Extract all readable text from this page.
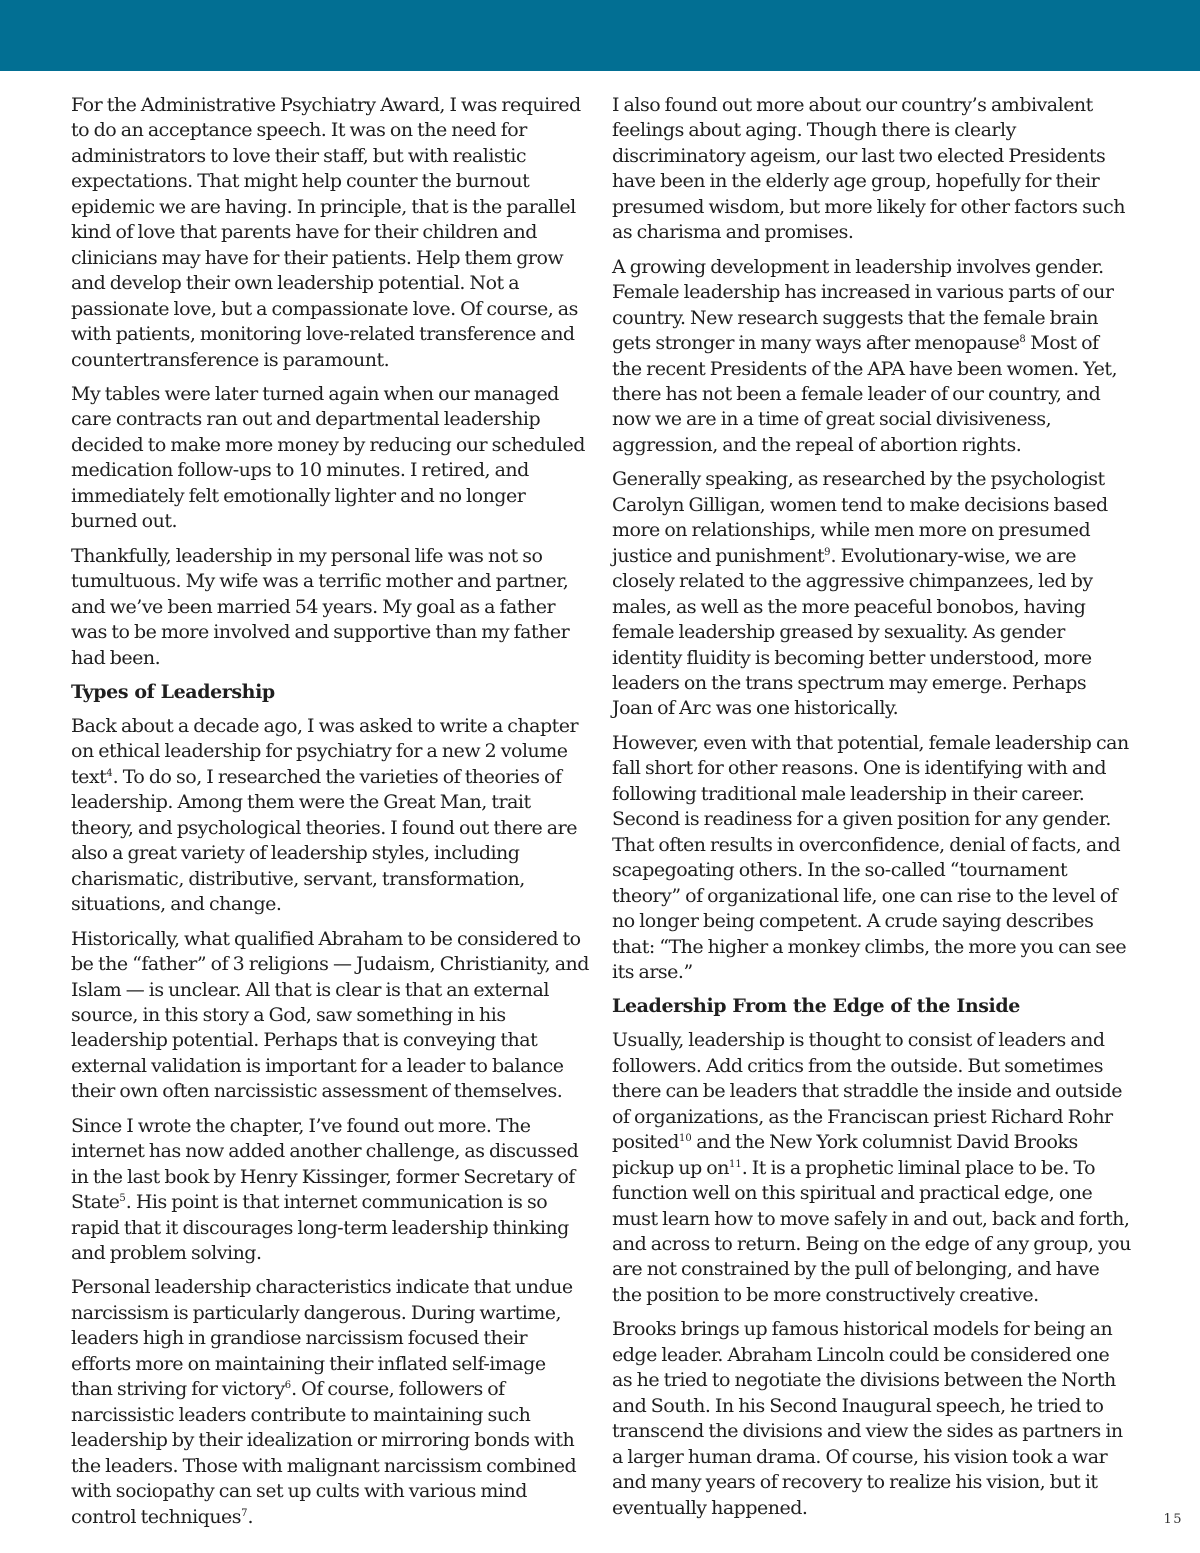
For the Administrative Psychiatry Award, I was required to do an acceptance speech. It was on the need for administrators to love their staff, but with realistic expectations. That might help counter the burnout epidemic we are having. In principle, that is the parallel kind of love that parents have for their children and clinicians may have for their patients. Help them grow and develop their own leadership potential. Not a passionate love, but a compassionate love. Of course, as with patients, monitoring love-related transference and countertransference is paramount.

My tables were later turned again when our managed care contracts ran out and departmental leadership decided to make more money by reducing our scheduled medication follow-ups to 10 minutes. I retired, and immediately felt emotionally lighter and no longer burned out.

Thankfully, leadership in my personal life was not so tumultuous. My wife was a terrific mother and partner, and we’ve been married 54 years. My goal as a father was to be more involved and supportive than my father had been.

Types of Leadership

Back about a decade ago, I was asked to write a chapter on ethical leadership for psychiatry for a new 2 volume text$^4$. To do so, I researched the varieties of theories of leadership. Among them were the Great Man, trait theory, and psychological theories. I found out there are also a great variety of leadership styles, including charismatic, distributive, servant, transformation, situations, and change.

Historically, what qualified Abraham to be considered to be the “father” of 3 religions — Judaism, Christianity, and Islam — is unclear. All that is clear is that an external source, in this story a God, saw something in his leadership potential. Perhaps that is conveying that external validation is important for a leader to balance their own often narcissistic assessment of themselves.

Since I wrote the chapter, I’ve found out more. The internet has now added another challenge, as discussed in the last book by Henry Kissinger, former Secretary of State$^5$. His point is that internet communication is so rapid that it discourages long-term leadership thinking and problem solving.

Personal leadership characteristics indicate that undue narcissism is particularly dangerous. During wartime, leaders high in grandiose narcissism focused their efforts more on maintaining their inflated self-image than striving for victory$^6$. Of course, followers of narcissistic leaders contribute to maintaining such leadership by their idealization or mirroring bonds with the leaders. Those with malignant narcissism combined with sociopathy can set up cults with various mind control techniques$^7$.

I also found out more about our country’s ambivalent feelings about aging. Though there is clearly discriminatory ageism, our last two elected Presidents have been in the elderly age group, hopefully for their presumed wisdom, but more likely for other factors such as charisma and promises.

A growing development in leadership involves gender. Female leadership has increased in various parts of our country. New research suggests that the female brain gets stronger in many ways after menopause$^8$ Most of the recent Presidents of the APA have been women. Yet, there has not been a female leader of our country, and now we are in a time of great social divisiveness, aggression, and the repeal of abortion rights.

Generally speaking, as researched by the psychologist Carolyn Gilligan, women tend to make decisions based more on relationships, while men more on presumed justice and punishment$^9$. Evolutionary-wise, we are closely related to the aggressive chimpanzees, led by males, as well as the more peaceful bonobos, having female leadership greased by sexuality. As gender identity fluidity is becoming better understood, more leaders on the trans spectrum may emerge. Perhaps Joan of Arc was one historically.

However, even with that potential, female leadership can fall short for other reasons. One is identifying with and following traditional male leadership in their career. Second is readiness for a given position for any gender. That often results in overconfidence, denial of facts, and scapegoating others. In the so-called “tournament theory” of organizational life, one can rise to the level of no longer being competent. A crude saying describes that: “The higher a monkey climbs, the more you can see its arse.”

Leadership From the Edge of the Inside

Usually, leadership is thought to consist of leaders and followers. Add critics from the outside. But sometimes there can be leaders that straddle the inside and outside of organizations, as the Franciscan priest Richard Rohr posited$^{10}$ and the New York columnist David Brooks pickup up $on^{11}$. It is a prophetic liminal place to be. To function well on this spiritual and practical edge, one must learn how to move safely in and out, back and forth, and across to return. Being on the edge of any group, you are not constrained by the pull of belonging, and have the position to be more constructively creative.

Brooks brings up famous historical models for being an edge leader. Abraham Lincoln could be considered one as he tried to negotiate the divisions between the North and South. In his Second Inaugural speech, he tried to transcend the divisions and view the sides as partners in a larger human drama. Of course, his vision took a war and many years of recovery to realize his vision, but it eventually happened.

15
